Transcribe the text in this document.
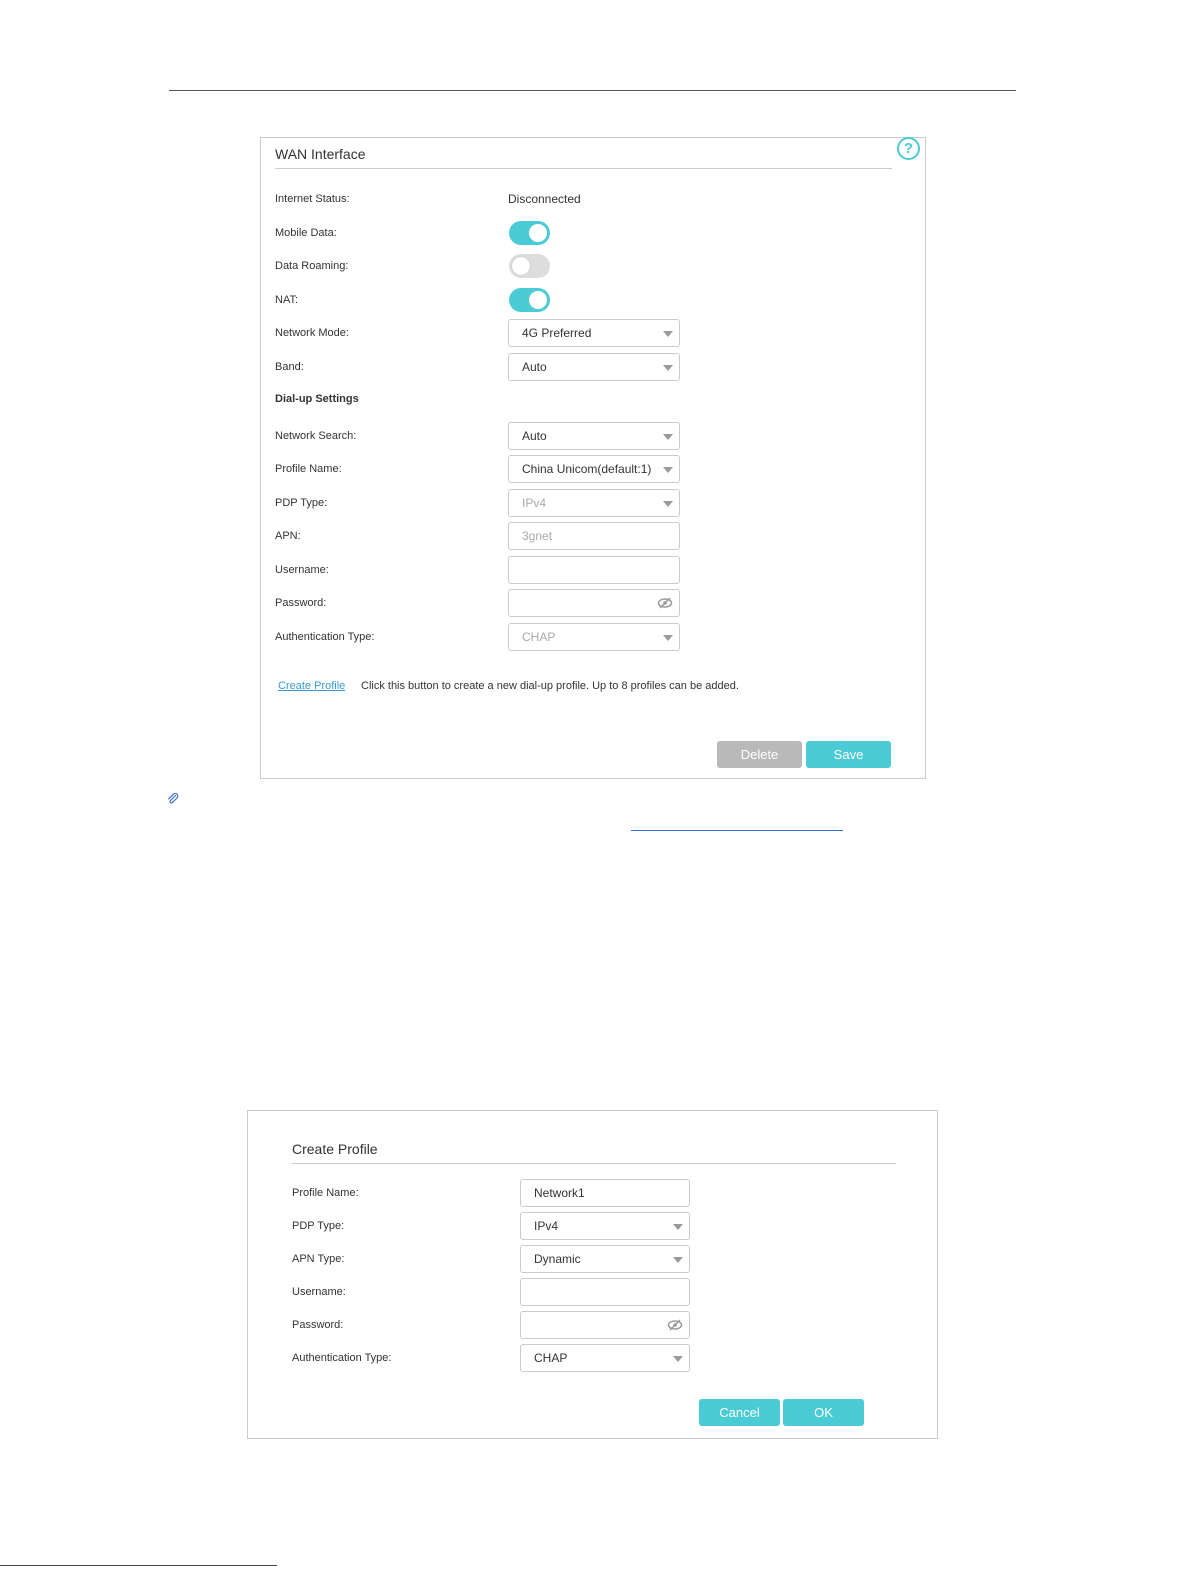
WAN Interface
Internet Status:	Disconnected
Mobile Data:
Data Roaming:
NAT:
Network Mode:	4G Preferred
Band:	Auto
Dial-up Settings
Network Search:	Auto
Profile Name:	China Unicom(default:1)
PDP Type:	IPv4
APN:	3gnet
Username:
Password:
Authentication Type:	CHAP
Create Profile Click this button to create a new dial-up profile. Up to 8 profiles can be added.
Delete	Save
?
Create Profile
Profile Name:	Network1
PDP Type:	IPv4
APN Type:	Dynamic
Username:
Password:
Authentication Type:	CHAP
Cancel	OK
